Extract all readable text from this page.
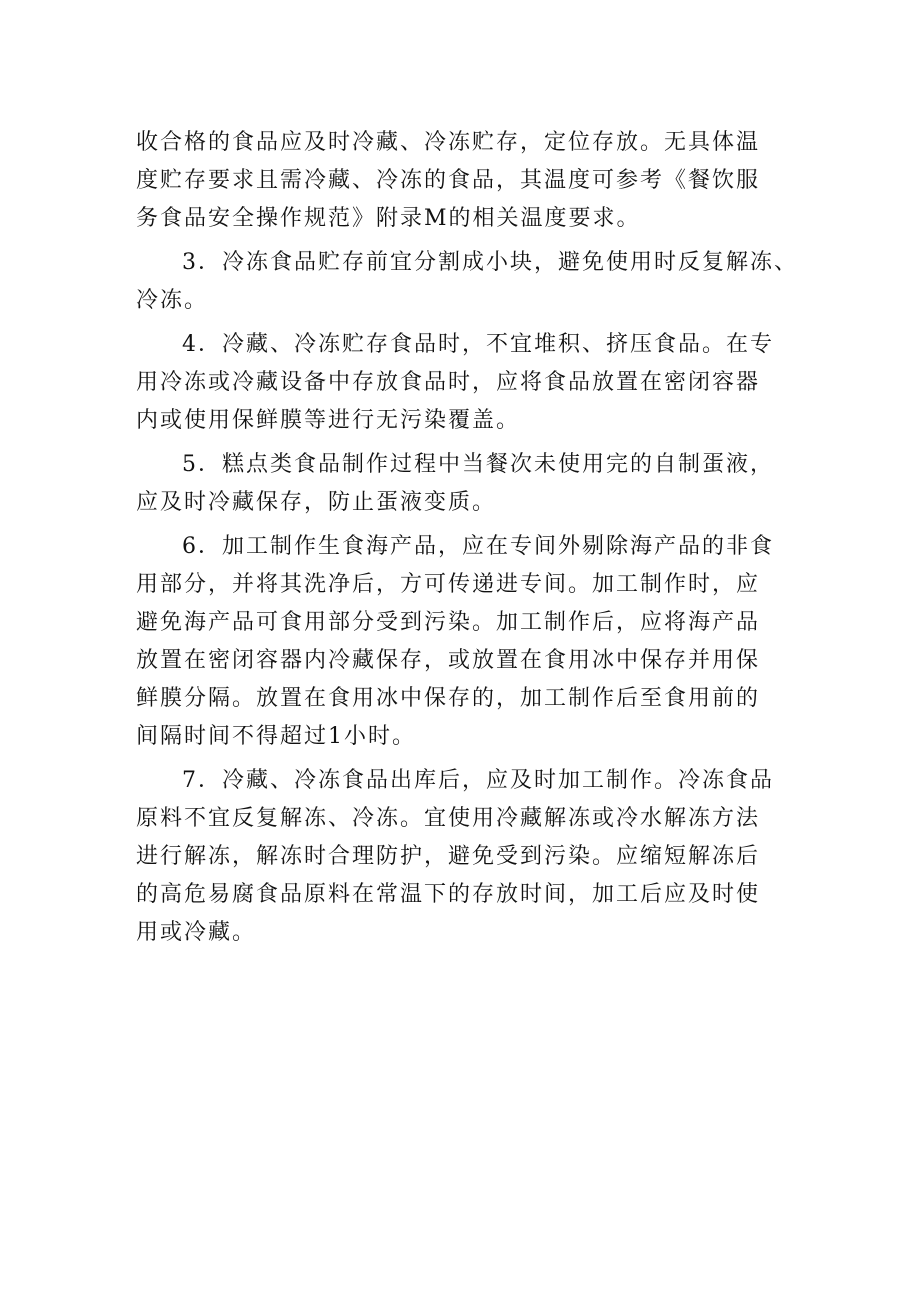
收合格的食品应及时冷藏、冷冻贮存，定位存放。无具体温
度贮存要求且需冷藏、冷冻的食品，其温度可参考《餐饮服
务食品安全操作规范》附录M的相关温度要求。
3．冷冻食品贮存前宜分割成小块，避免使用时反复解冻、
冷冻。
4．冷藏、冷冻贮存食品时，不宜堆积、挤压食品。在专
用冷冻或冷藏设备中存放食品时，应将食品放置在密闭容器
内或使用保鲜膜等进行无污染覆盖。
5．糕点类食品制作过程中当餐次未使用完的自制蛋液，
应及时冷藏保存，防止蛋液变质。
6．加工制作生食海产品，应在专间外剔除海产品的非食
用部分，并将其洗净后，方可传递进专间。加工制作时，应
避免海产品可食用部分受到污染。加工制作后，应将海产品
放置在密闭容器内冷藏保存，或放置在食用冰中保存并用保
鲜膜分隔。放置在食用冰中保存的，加工制作后至食用前的
间隔时间不得超过1小时。
7．冷藏、冷冻食品出库后，应及时加工制作。冷冻食品
原料不宜反复解冻、冷冻。宜使用冷藏解冻或冷水解冻方法
进行解冻，解冻时合理防护，避免受到污染。应缩短解冻后
的高危易腐食品原料在常温下的存放时间，加工后应及时使
用或冷藏。
